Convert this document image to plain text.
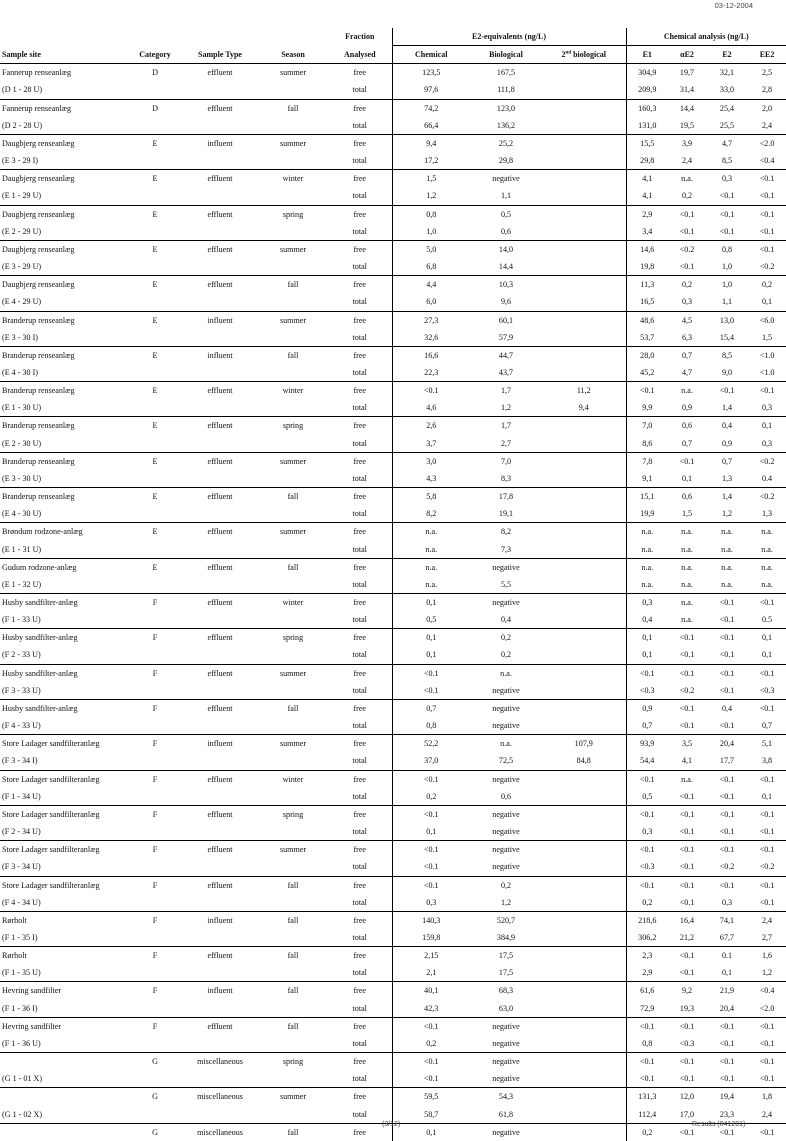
03-12-2004
				Fraction	E2-equivalents (ng/L)			Chemical analysis (ng/L)			
Sample site	Category	Sample Type	Season	Analysed	Chemical	Biological	2nd biological	E1	αE2	E2	EE2
Fannerup renseanlæg	D	effluent	summer	free	123,5	167,5		304,9	19,7	32,1	2,5
(D 1 - 28 U)				total	97,6	111,8		209,9	31,4	33,0	2,8
Fannerup renseanlæg	D	effluent	fall	free	74,2	123,0		160,3	14,4	25,4	2,0
(D 2 - 28 U)				total	66,4	136,2		131,0	19,5	25,5	2,4
Daugbjerg renseanlæg	E	influent	summer	free	9,4	25,2		15,5	3,9	4,7	<2.0
(E 3 - 29 I)				total	17,2	29,8		29,8	2,4	8,5	<0.4
Daugbjerg renseanlæg	E	effluent	winter	free	1,5	negative		4,1	n.a.	0,3	<0.1
(E 1 - 29 U)				total	1,2	1,1		4,1	0,2	<0.1	<0.1
Daugbjerg renseanlæg	E	effluent	spring	free	0,8	0,5		2,9	<0.1	<0.1	<0.1
(E 2 - 29 U)				total	1,0	0,6		3,4	<0.1	<0.1	<0.1
Daugbjerg renseanlæg	E	effluent	summer	free	5,0	14,0		14,6	<0.2	0,8	<0.1
(E 3 - 29 U)				total	6,8	14,4		19,8	<0.1	1,0	<0.2
Daugbjerg renseanlæg	E	effluent	fall	free	4,4	10,3		11,3	0,2	1,0	0,2
(E 4 - 29 U)				total	6,0	9,6		16,5	0,3	1,1	0,1
Branderup renseanlæg	E	influent	summer	free	27,3	60,1		48,6	4,5	13,0	<6.0
(E 3 - 30 I)				total	32,6	57,9		53,7	6,3	15,4	1,5
Branderup renseanlæg	E	influent	fall	free	16,6	44,7		28,0	0,7	8,5	<1.0
(E 4 - 30 I)				total	22,3	43,7		45,2	4,7	9,0	<1.0
Branderup renseanlæg	E	effluent	winter	free	<0.1	1,7	11,2	<0.1	n.a.	<0.1	<0.1
(E 1 - 30 U)				total	4,6	1,2	9,4	9,9	0,9	1,4	0,3
Branderup renseanlæg	E	effluent	spring	free	2,6	1,7		7,0	0,6	0,4	0,1
(E 2 - 30 U)				total	3,7	2,7		8,6	0,7	0,9	0,3
Branderup renseanlæg	E	effluent	summer	free	3,0	7,0		7,8	<0.1	0,7	<0.2
(E 3 - 30 U)				total	4,3	8,3		9,1	0,1	1,3	0.4
Branderup renseanlæg	E	effluent	fall	free	5,8	17,8		15,1	0,6	1,4	<0.2
(E 4 - 30 U)				total	8,2	19,1		19,9	1,5	1,2	1,3
Brøndum rodzone-anlæg	E	effluent	summer	free	n.a.	8,2		n.a.	n.a.	n.a.	n.a.
(E 1 - 31 U)				total	n.a.	7,3		n.a.	n.a.	n.a.	n.a.
Gudum rodzone-anlæg	E	effluent	fall	free	n.a.	negative		n.a.	n.a.	n.a.	n.a.
(E 1 - 32 U)				total	n.a.	5,5		n.a.	n.a.	n.a.	n.a.
Husby sandfilter-anlæg	F	effluent	winter	free	0,1	negative		0,3	n.a.	<0.1	<0.1
(F 1 - 33 U)				total	0,5	0,4		0,4	n.a.	<0.1	0.5
Husby sandfilter-anlæg	F	effluent	spring	free	0,1	0,2		0,1	<0.1	<0.1	0,1
(F 2 - 33 U)				total	0,1	0,2		0,1	<0.1	<0.1	0,1
Husby sandfilter-anlæg	F	effluent	summer	free	<0.1	n.a.		<0.1	<0.1	<0.1	<0.1
(F 3 - 33 U)				total	<0.1	negative		<0.3	<0.2	<0.1	<0.3
Husby sandfilter-anlæg	F	effluent	fall	free	0,7	negative		0,9	<0.1	0,4	<0.1
(F 4 - 33 U)				total	0,8	negative		0,7	<0.1	<0.1	0,7
Store Ladager sandfilteranlæg	F	influent	summer	free	52,2	n.a.	107,9	93,9	3,5	20,4	5,1
(F 3 - 34 I)				total	37,0	72,5	84,8	54,4	4,1	17,7	3,8
Store Ladager sandfilteranlæg	F	effluent	winter	free	<0.1	negative		<0.1	n.a.	<0.1	<0.1
(F 1 - 34 U)				total	0,2	0,6		0,5	<0.1	<0.1	0,1
Store Ladager sandfilteranlæg	F	effluent	spring	free	<0.1	negative		<0.1	<0.1	<0.1	<0.1
(F 2 - 34 U)				total	0,1	negative		0,3	<0.1	<0.1	<0.1
Store Ladager sandfilteranlæg	F	effluent	summer	free	<0.1	negative		<0.1	<0.1	<0.1	<0.1
(F 3 - 34 U)				total	<0.1	negative		<0.3	<0.1	<0.2	<0.2
Store Ladager sandfilteranlæg	F	effluent	fall	free	<0.1	0,2		<0.1	<0.1	<0.1	<0.1
(F 4 - 34 U)				total	0,3	1,2		0,2	<0.1	0,3	<0.1
Rørholt	F	influent	fall	free	140,3	520,7		218,6	16,4	74,1	2,4
(F 1 - 35 I)				total	159,8	384,9		306,2	21,2	67,7	2,7
Rørholt	F	effluent	fall	free	2,15	17,5		2,3	<0.1	0.1	1,6
(F 1 - 35 U)				total	2,1	17,5		2,9	<0.1	0,1	1,2
Hevring sandfilter	F	influent	fall	free	40,1	68,3		61,6	9,2	21,9	<0.4
(F 1 - 36 I)				total	42,3	63,0		72,9	19,3	20,4	<2.0
Hevring sandfilter	F	effluent	fall	free	<0.1	negative		<0.1	<0.1	<0.1	<0.1
(F 1 - 36 U)				total	0,2	negative		0,8	<0.3	<0.1	<0.1
	G	miscellaneous	spring	free	<0.1	negative		<0.1	<0.1	<0.1	<0.1
(G 1 - 01 X)				total	<0.1	negative		<0.1	<0.1	<0.1	<0.1
	G	miscellaneous	summer	free	59,5	54,3		131,3	12,0	19,4	1,8
(G 1 - 02 X)				total	58,7	61,8		112,4	17,0	23,3	2,4
	G	miscellaneous	fall	free	0,1	negative		0,2	<0.1	<0.1	<0.1
(3/12)	Results (041201)
